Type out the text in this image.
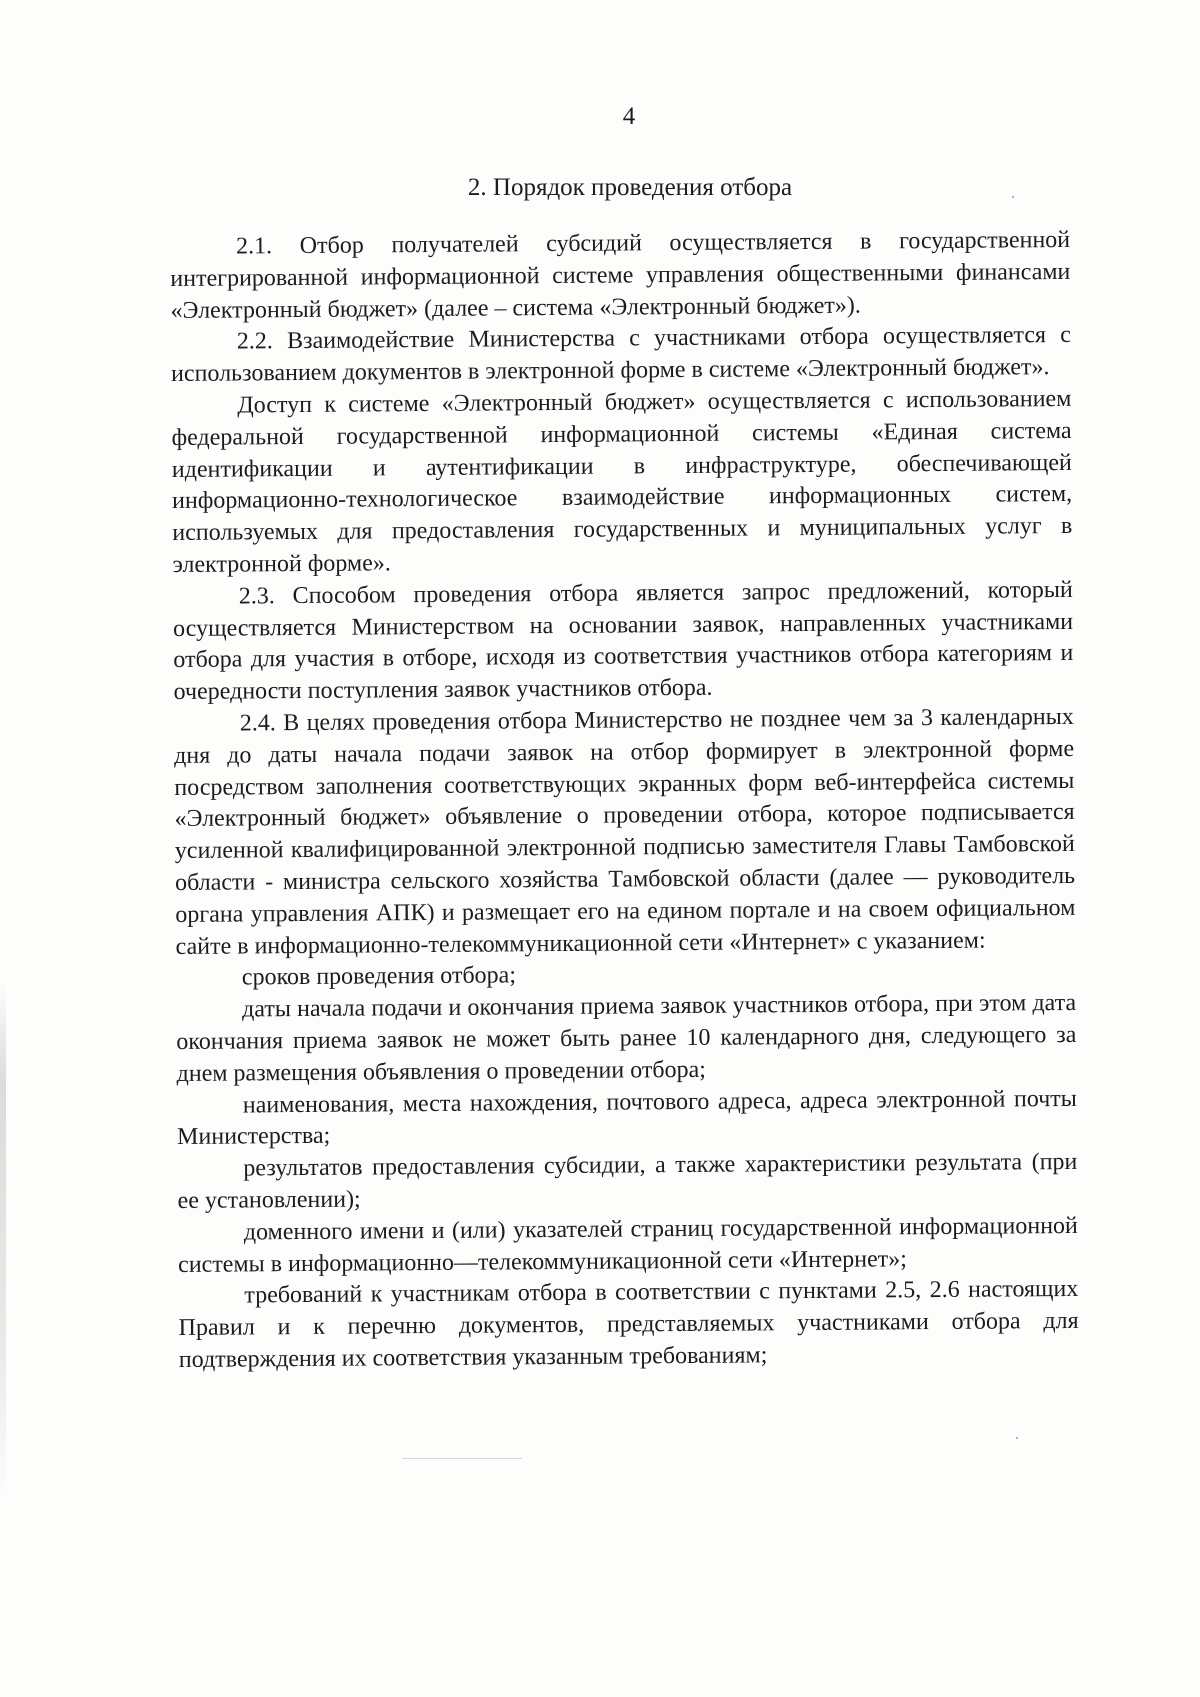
4
2. Порядок проведения отбора

2.1. Отбор получателей субсидий осуществляется в государственной интегрированной информационной системе управления общественными финансами «Электронный бюджет» (далее – система «Электронный бюджет»).

2.2. Взаимодействие Министерства с участниками отбора осуществляется с использованием документов в электронной форме в системе «Электронный бюджет».

Доступ к системе «Электронный бюджет» осуществляется с использованием федеральной государственной информационной системы «Единая система идентификации и аутентификации в инфраструктуре, обеспечивающей информационно-технологическое взаимодействие информационных систем, используемых для предоставления государственных и муниципальных услуг в электронной форме».

2.3. Способом проведения отбора является запрос предложений, который осуществляется Министерством на основании заявок, направленных участниками отбора для участия в отборе, исходя из соответствия участников отбора категориям и очередности поступления заявок участников отбора.

2.4. В целях проведения отбора Министерство не позднее чем за 3 календарных дня до даты начала подачи заявок на отбор формирует в электронной форме посредством заполнения соответствующих экранных форм веб-интерфейса системы «Электронный бюджет» объявление о проведении отбора, которое подписывается усиленной квалифицированной электронной подписью заместителя Главы Тамбовской области - министра сельского хозяйства Тамбовской области (далее — руководитель органа управления АПК) и размещает его на едином портале и на своем официальном сайте в информационно-телекоммуникационной сети «Интернет» с указанием:

сроков проведения отбора;

даты начала подачи и окончания приема заявок участников отбора, при этом дата окончания приема заявок не может быть ранее 10 календарного дня, следующего за днем размещения объявления о проведении отбора;

наименования, места нахождения, почтового адреса, адреса электронной почты Министерства;

результатов предоставления субсидии, а также характеристики результата (при ее установлении);

доменного имени и (или) указателей страниц государственной информационной системы в информационно—телекоммуникационной сети «Интернет»;

требований к участникам отбора в соответствии с пунктами 2.5, 2.6 настоящих Правил и к перечню документов, представляемых участниками отбора для подтверждения их соответствия указанным требованиям;
